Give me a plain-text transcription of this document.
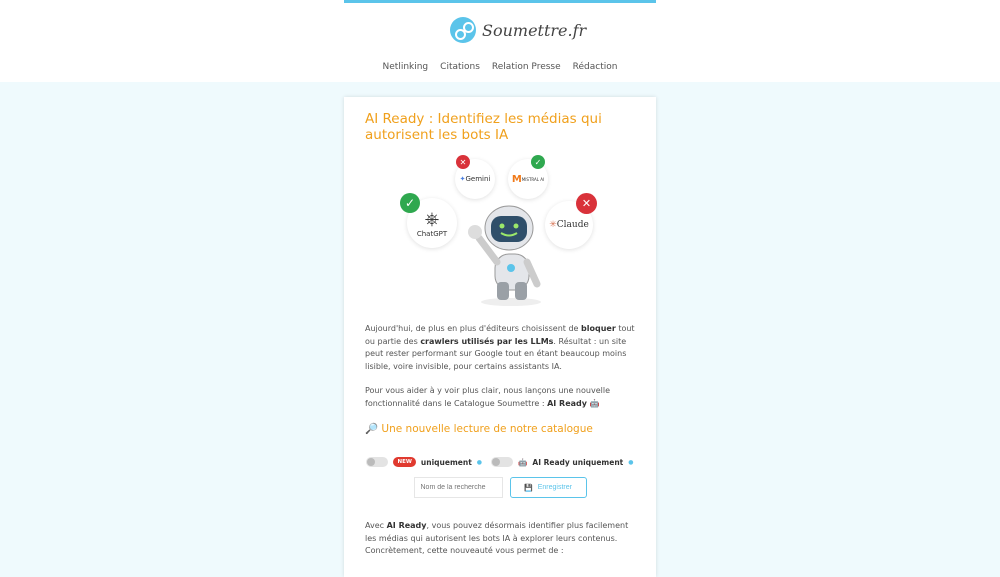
Soumettre.fr
Netlinking Citations Relation Presse Rédaction
AI Ready : Identifiez les médias qui autorisent les bots IA
⎈
ChatGPT
✓
✦ Gemini
✕
M MISTRAL AI
✓
✳ Claude
✕

Aujourd'hui, de plus en plus d'éditeurs choisissent de bloquer tout ou partie des crawlers utilisés par les LLMs. Résultat : un site peut rester performant sur Google tout en étant beaucoup moins lisible, voire invisible, pour certains assistants IA.

Pour vous aider à y voir plus clair, nous lançons une nouvelle fonctionnalité dans le Catalogue Soumettre : AI Ready 🤖

🔎 Une nouvelle lecture de notre catalogue
NEW	uniquement ●	🤖 AI Ready uniquement ●
Nom de la recherche
💾 Enregistrer

Avec AI Ready, vous pouvez désormais identifier plus facilement les médias qui autorisent les bots IA à explorer leurs contenus. Concrètement, cette nouveauté vous permet de :
